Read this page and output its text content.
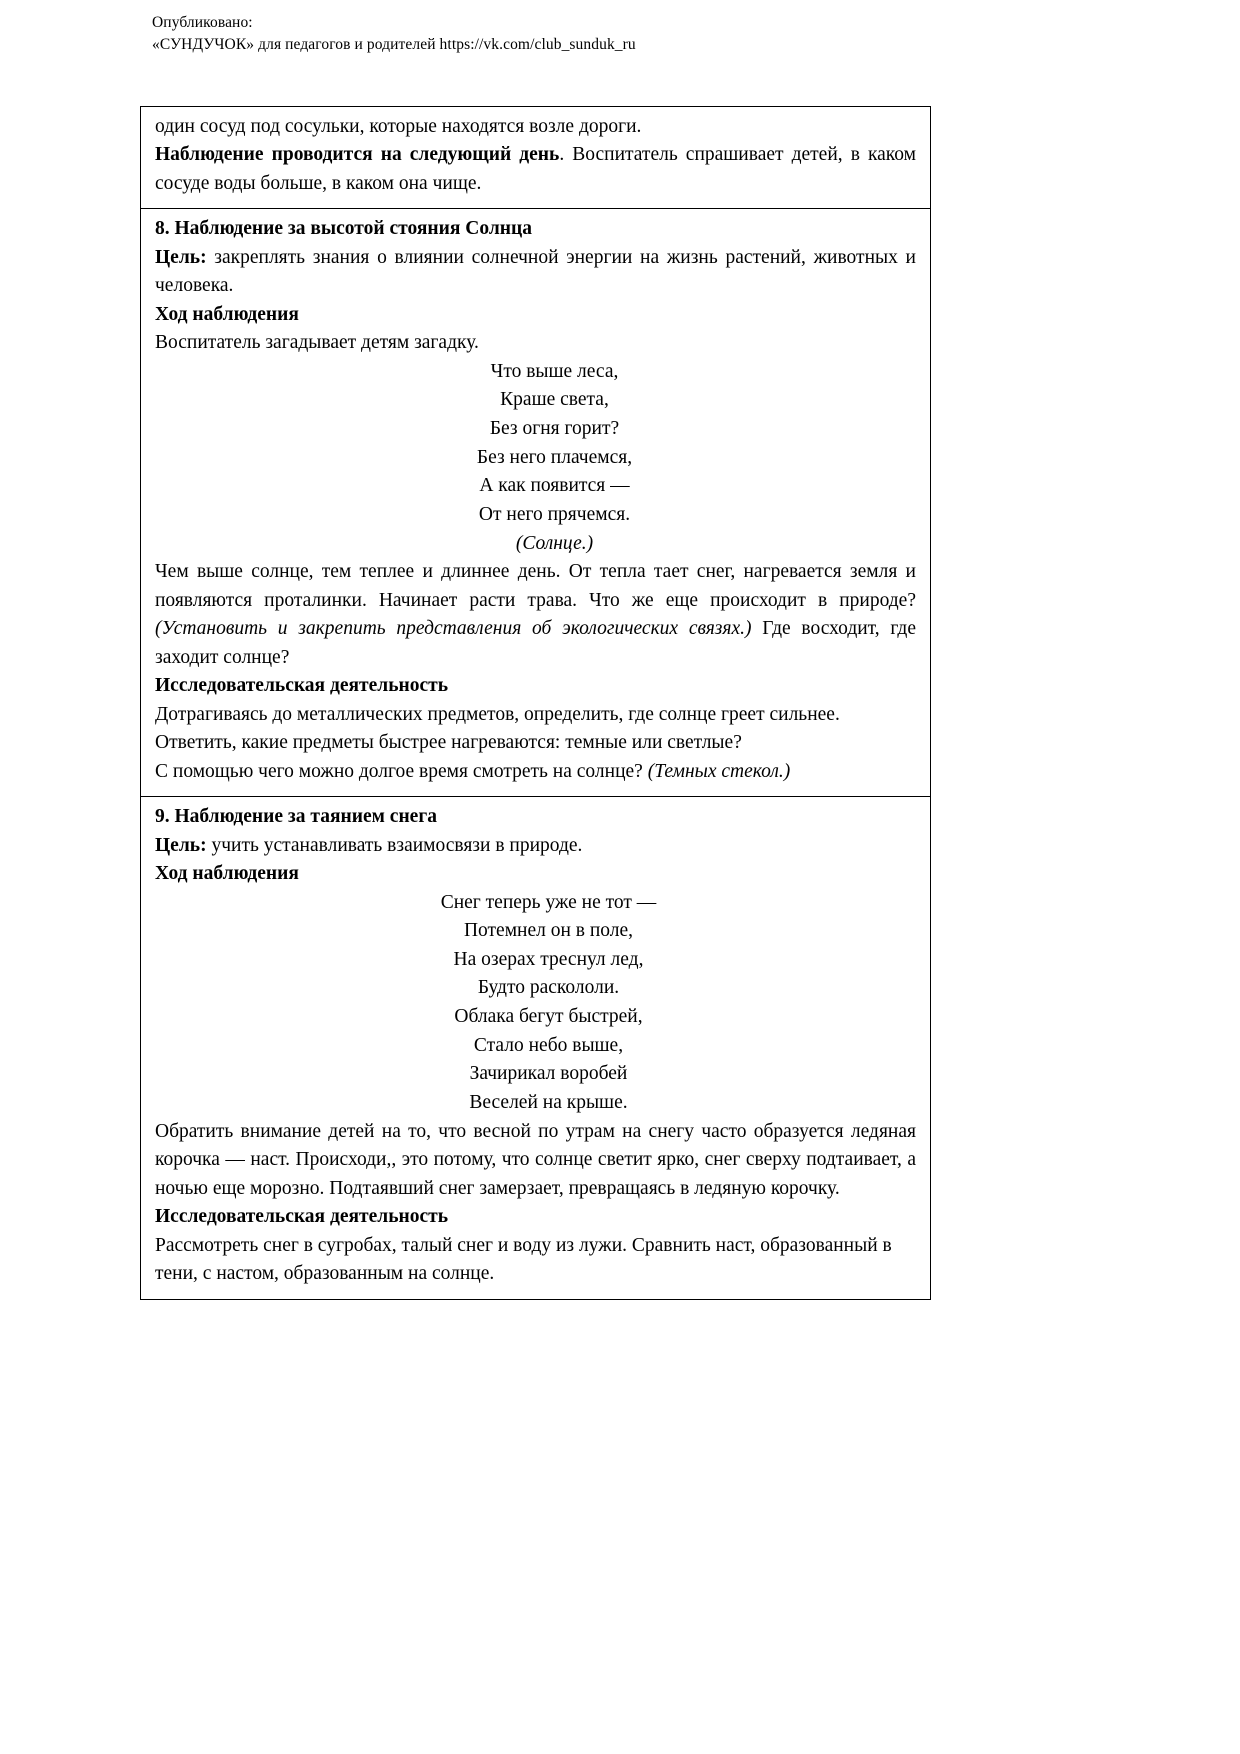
Опубликовано:
«СУНДУЧОК» для педагогов и родителей https://vk.com/club_sunduk_ru

один сосуд под сосульки, которые находятся возле дороги.

Наблюдение проводится на следующий день. Воспитатель спрашивает детей, в каком сосуде воды больше, в каком она чище.

8. Наблюдение за высотой стояния Солнца

Цель: закреплять знания о влиянии солнечной энергии на жизнь растений, животных и человека.

Ход наблюдения

Воспитатель загадывает детям загадку.

Что выше леса,
Краше света,
Без огня горит?
Без него плачемся,
А как появится —
От него прячемся.
(Солнце.)

Чем выше солнце, тем теплее и длиннее день. От тепла тает снег, нагревается земля и появляются проталинки. Начинает расти трава. Что же еще происходит в природе? (Установить и закрепить представления об экологических связях.) Где восходит, где заходит солнце?

Исследовательская деятельность

Дотрагиваясь до металлических предметов, определить, где солнце греет сильнее.

Ответить, какие предметы быстрее нагреваются: темные или светлые?

С помощью чего можно долгое время смотреть на солнце? (Темных стекол.)

9. Наблюдение за таянием снега

Цель: учить устанавливать взаимосвязи в природе.

Ход наблюдения

Снег теперь уже не тот —
Потемнел он в поле,
На озерах треснул лед,
Будто раскололи.
Облака бегут быстрей,
Стало небо выше,
Зачирикал воробей
Веселей на крыше.

Обратить внимание детей на то, что весной по утрам на снегу часто образуется ледяная корочка — наст. Происходи,, это потому, что солнце светит ярко, снег сверху подтаивает, а ночью еще морозно. Подтаявший снег замерзает, превращаясь в ледяную корочку.

Исследовательская деятельность

Рассмотреть снег в сугробах, талый снег и воду из лужи. Сравнить наст, образованный в тени, с настом, образованным на солнце.
